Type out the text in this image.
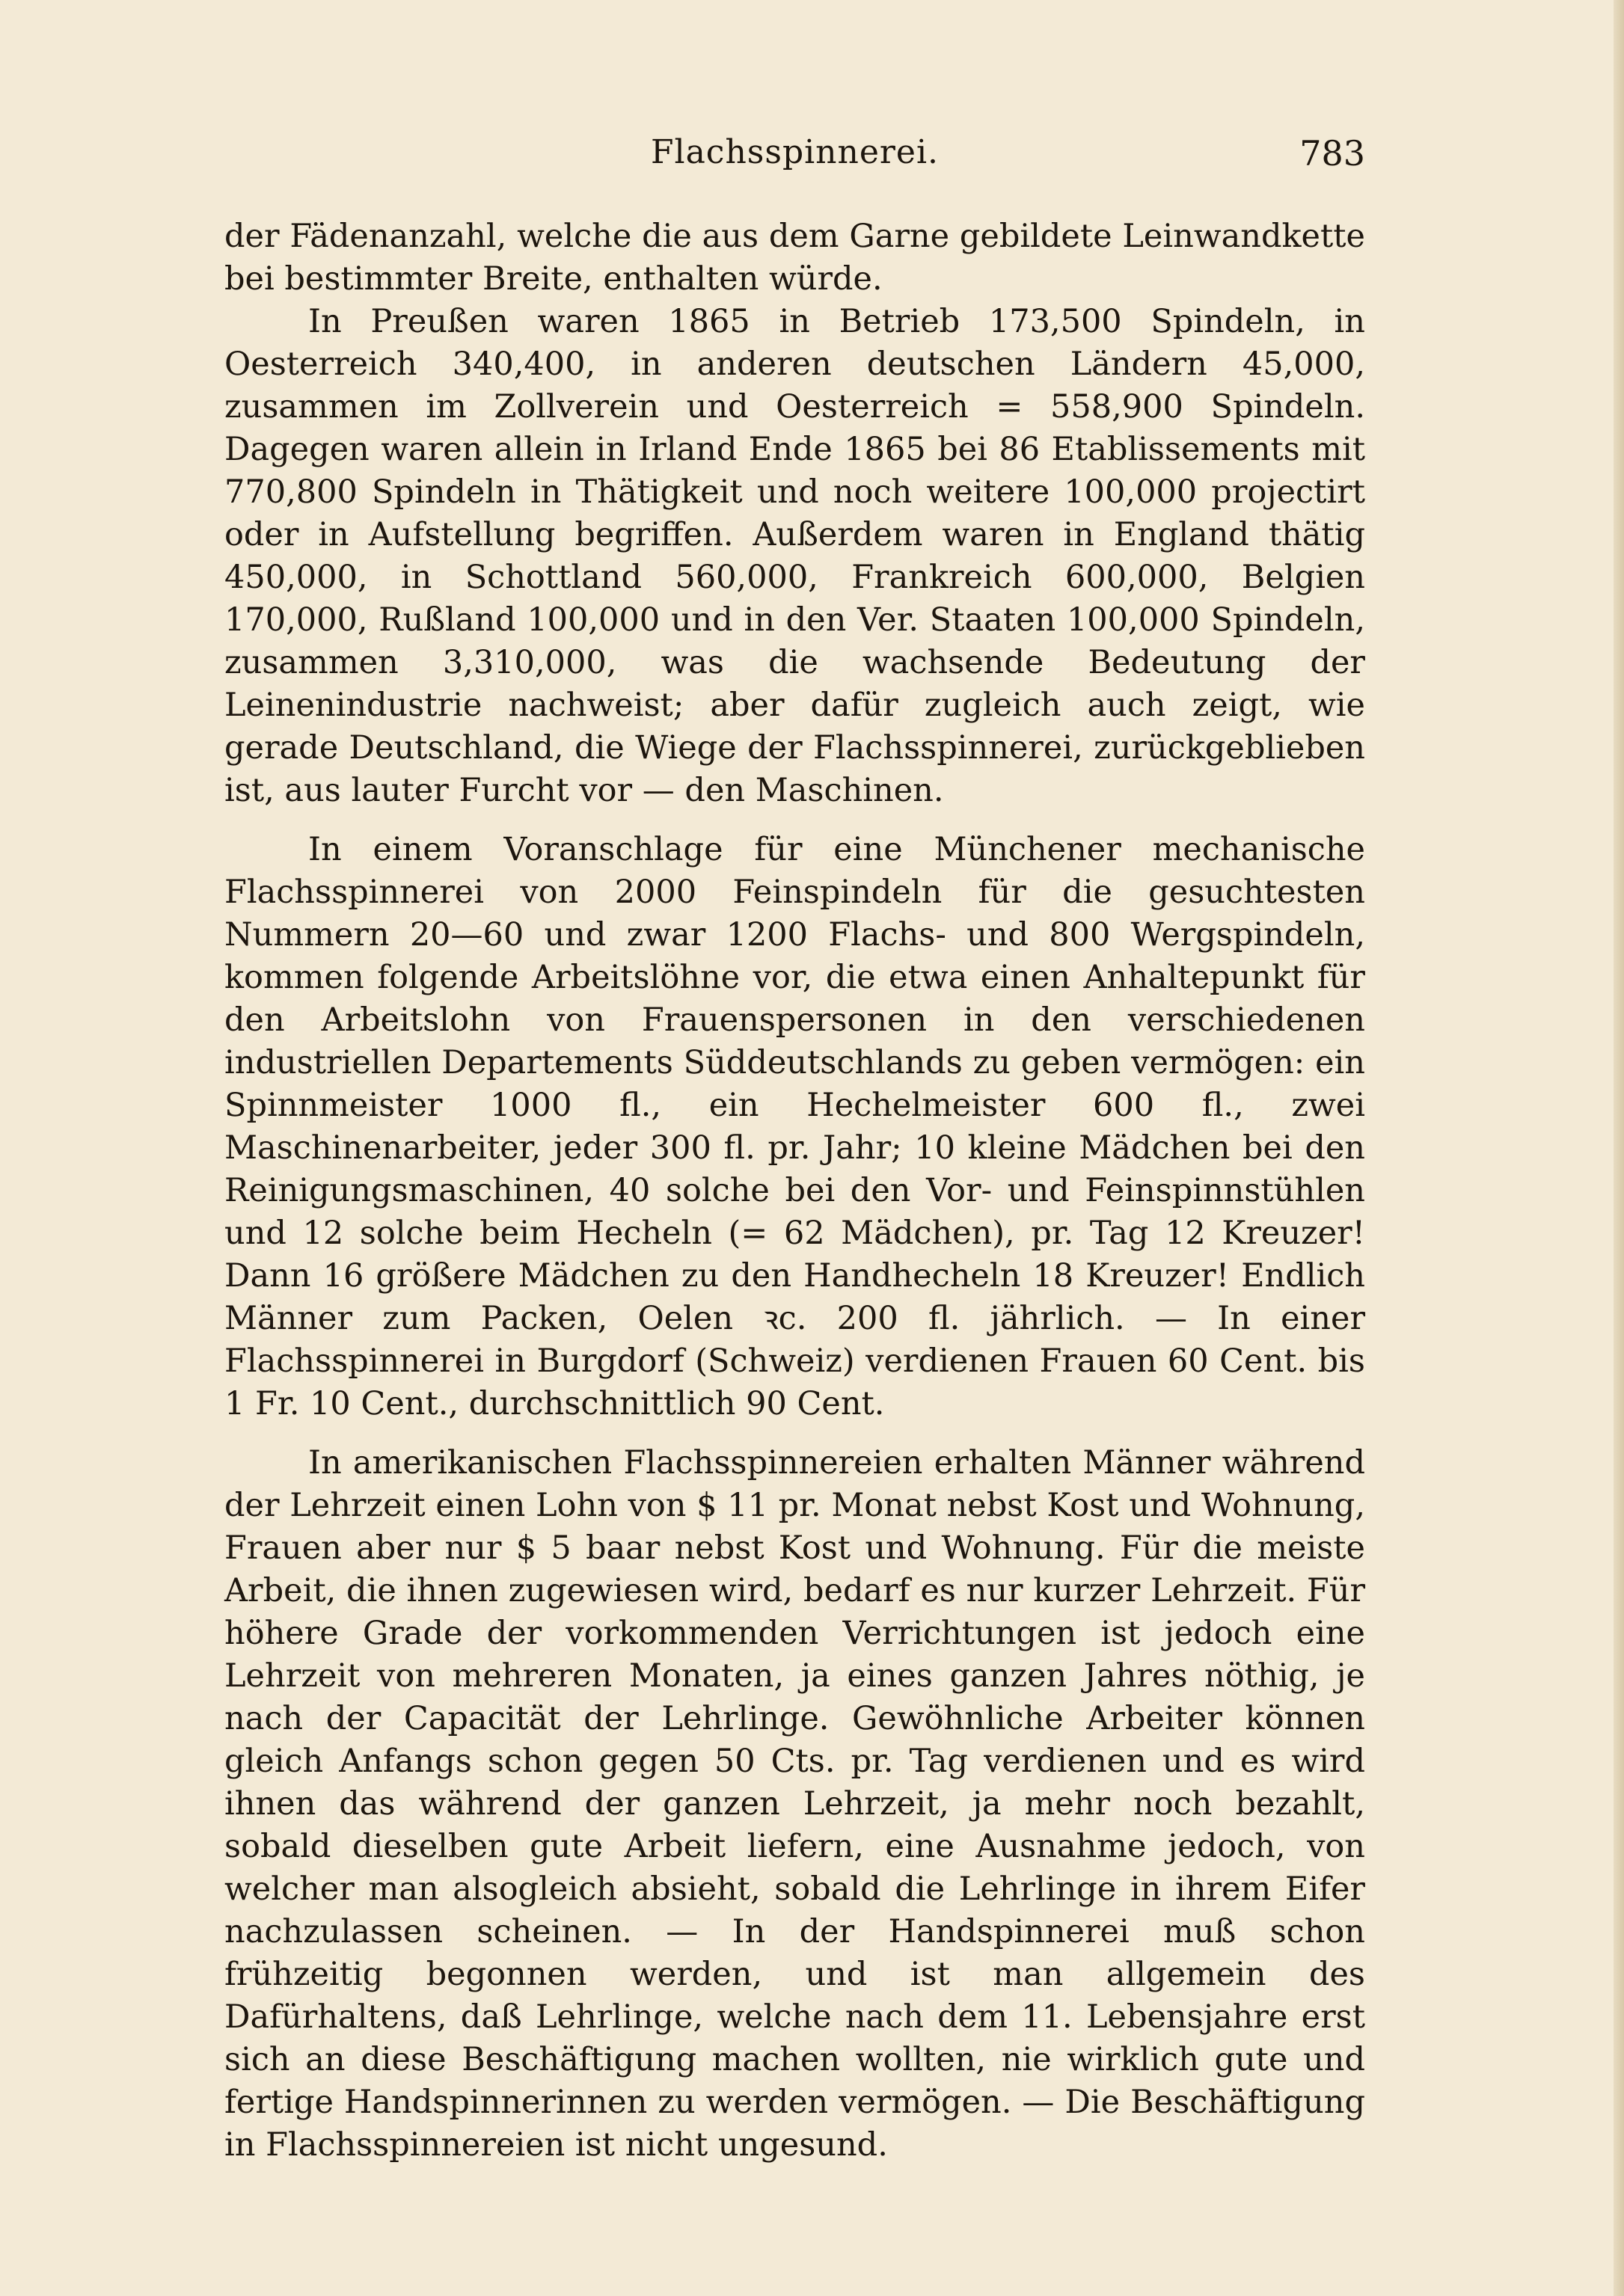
Flachsspinnerei.	783

der Fädenanzahl, welche die aus dem Garne gebildete Leinwandkette bei bestimmter Breite, enthalten würde.

In Preußen waren 1865 in Betrieb 173,500 Spindeln, in Oesterreich 340,400, in anderen deutschen Ländern 45,000, zusammen im Zollverein und Oesterreich = 558,900 Spindeln. Dagegen waren allein in Irland Ende 1865 bei 86 Etablissements mit 770,800 Spindeln in Thätigkeit und noch weitere 100,000 projectirt oder in Aufstellung begriffen. Außerdem waren in England thätig 450,000, in Schottland 560,000, Frankreich 600,000, Belgien 170,000, Rußland 100,000 und in den Ver. Staaten 100,000 Spindeln, zusammen 3,310,000, was die wachsende Bedeutung der Leinenindustrie nachweist; aber dafür zugleich auch zeigt, wie gerade Deutschland, die Wiege der Flachsspinnerei, zurückgeblieben ist, aus lauter Furcht vor — den Maschinen.

In einem Voranschlage für eine Münchener mechanische Flachsspinnerei von 2000 Feinspindeln für die gesuchtesten Nummern 20—60 und zwar 1200 Flachs- und 800 Wergspindeln, kommen folgende Arbeitslöhne vor, die etwa einen Anhaltepunkt für den Arbeitslohn von Frauenspersonen in den verschiedenen industriellen Departements Süddeutschlands zu geben vermögen: ein Spinnmeister 1000 fl., ein Hechelmeister 600 fl., zwei Maschinenarbeiter, jeder 300 fl. pr. Jahr; 10 kleine Mädchen bei den Reinigungsmaschinen, 40 solche bei den Vor- und Feinspinnstühlen und 12 solche beim Hecheln (= 62 Mädchen), pr. Tag 12 Kreuzer! Dann 16 größere Mädchen zu den Handhecheln 18 Kreuzer! Endlich Männer zum Packen, Oelen ꝛc. 200 fl. jährlich. — In einer Flachsspinnerei in Burgdorf (Schweiz) verdienen Frauen 60 Cent. bis 1 Fr. 10 Cent., durchschnittlich 90 Cent.

In amerikanischen Flachsspinnereien erhalten Männer während der Lehrzeit einen Lohn von $ 11 pr. Monat nebst Kost und Wohnung, Frauen aber nur $ 5 baar nebst Kost und Wohnung. Für die meiste Arbeit, die ihnen zugewiesen wird, bedarf es nur kurzer Lehrzeit. Für höhere Grade der vorkommenden Verrichtungen ist jedoch eine Lehrzeit von mehreren Monaten, ja eines ganzen Jahres nöthig, je nach der Capacität der Lehrlinge. Gewöhnliche Arbeiter können gleich Anfangs schon gegen 50 Cts. pr. Tag verdienen und es wird ihnen das während der ganzen Lehrzeit, ja mehr noch bezahlt, sobald dieselben gute Arbeit liefern, eine Ausnahme jedoch, von welcher man alsogleich absieht, sobald die Lehrlinge in ihrem Eifer nachzulassen scheinen. — In der Handspinnerei muß schon frühzeitig begonnen werden, und ist man allgemein des Dafürhaltens, daß Lehrlinge, welche nach dem 11. Lebensjahre erst sich an diese Beschäftigung machen wollten, nie wirklich gute und fertige Handspinnerinnen zu werden vermögen. — Die Beschäftigung in Flachsspinnereien ist nicht ungesund.
